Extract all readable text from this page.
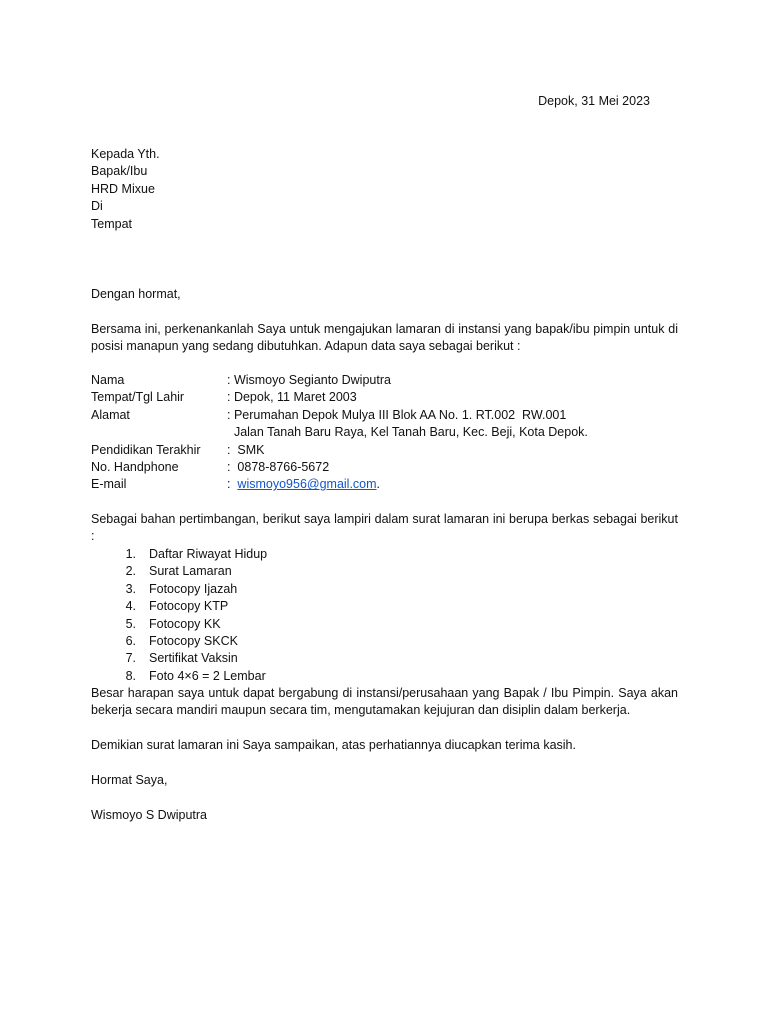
Depok, 31 Mei 2023
Kepada Yth.
Bapak/Ibu
HRD Mixue
Di
Tempat
Dengan hormat,
Bersama ini, perkenankanlah Saya untuk mengajukan lamaran di instansi yang bapak/ibu pimpin untuk di posisi manapun yang sedang dibutuhkan. Adapun data saya sebagai berikut :
Nama	: Wismoyo Segianto Dwiputra
Tempat/Tgl Lahir	: Depok, 11 Maret 2003
Alamat	: Perumahan Depok Mulya III Blok AA No. 1. RT.002  RW.001
Jalan Tanah Baru Raya, Kel Tanah Baru, Kec. Beji, Kota Depok.
Pendidikan Terakhir	:  SMK
No. Handphone	:  0878-8766-5672
E-mail	:  wismoyo956@gmail.com.
Sebagai bahan pertimbangan, berikut saya lampiri dalam surat lamaran ini berupa berkas sebagai berikut :
1.	Daftar Riwayat Hidup
2.	Surat Lamaran
3.	Fotocopy Ijazah
4.	Fotocopy KTP
5.	Fotocopy KK
6.	Fotocopy SKCK
7.	Sertifikat Vaksin
8.	Foto 4×6 = 2 Lembar
Besar harapan saya untuk dapat bergabung di instansi/perusahaan yang Bapak / Ibu Pimpin. Saya akan bekerja secara mandiri maupun secara tim, mengutamakan kejujuran dan disiplin dalam berkerja.
Demikian surat lamaran ini Saya sampaikan, atas perhatiannya diucapkan terima kasih.
Hormat Saya,
Wismoyo S Dwiputra
